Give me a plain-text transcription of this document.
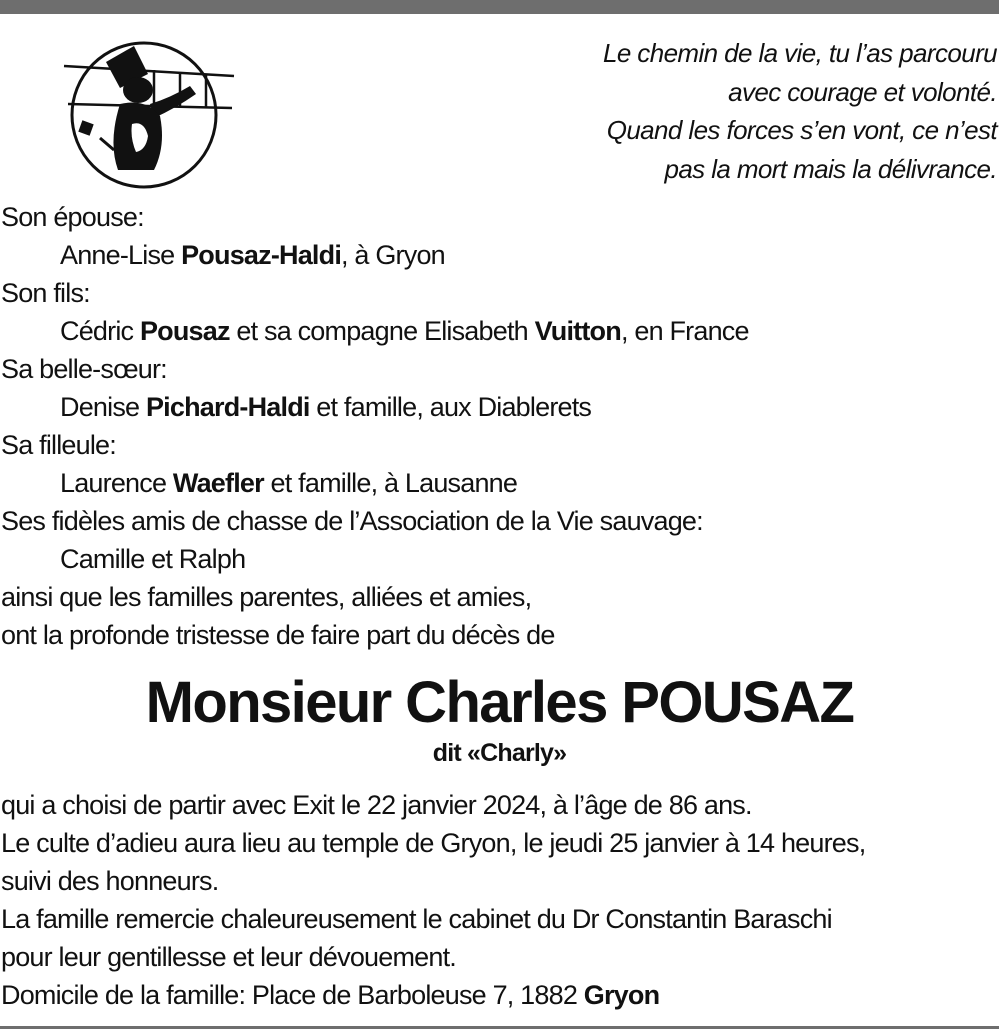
Le chemin de la vie, tu l’as parcouru
avec courage et volonté.
Quand les forces s’en vont, ce n’est
pas la mort mais la délivrance.
Son épouse:
Anne-Lise Pousaz-Haldi, à Gryon
Son fils:
Cédric Pousaz et sa compagne Elisabeth Vuitton, en France
Sa belle-sœur:
Denise Pichard-Haldi et famille, aux Diablerets
Sa filleule:
Laurence Waefler et famille, à Lausanne
Ses fidèles amis de chasse de l’Association de la Vie sauvage:
Camille et Ralph
ainsi que les familles parentes, alliées et amies,
ont la profonde tristesse de faire part du décès de
Monsieur Charles POUSAZ
dit «Charly»
qui a choisi de partir avec Exit le 22 janvier 2024, à l’âge de 86 ans.
Le culte d’adieu aura lieu au temple de Gryon, le jeudi 25 janvier à 14 heures,
suivi des honneurs.
La famille remercie chaleureusement le cabinet du Dr Constantin Baraschi
pour leur gentillesse et leur dévouement.
Domicile de la famille: Place de Barboleuse 7, 1882 Gryon
